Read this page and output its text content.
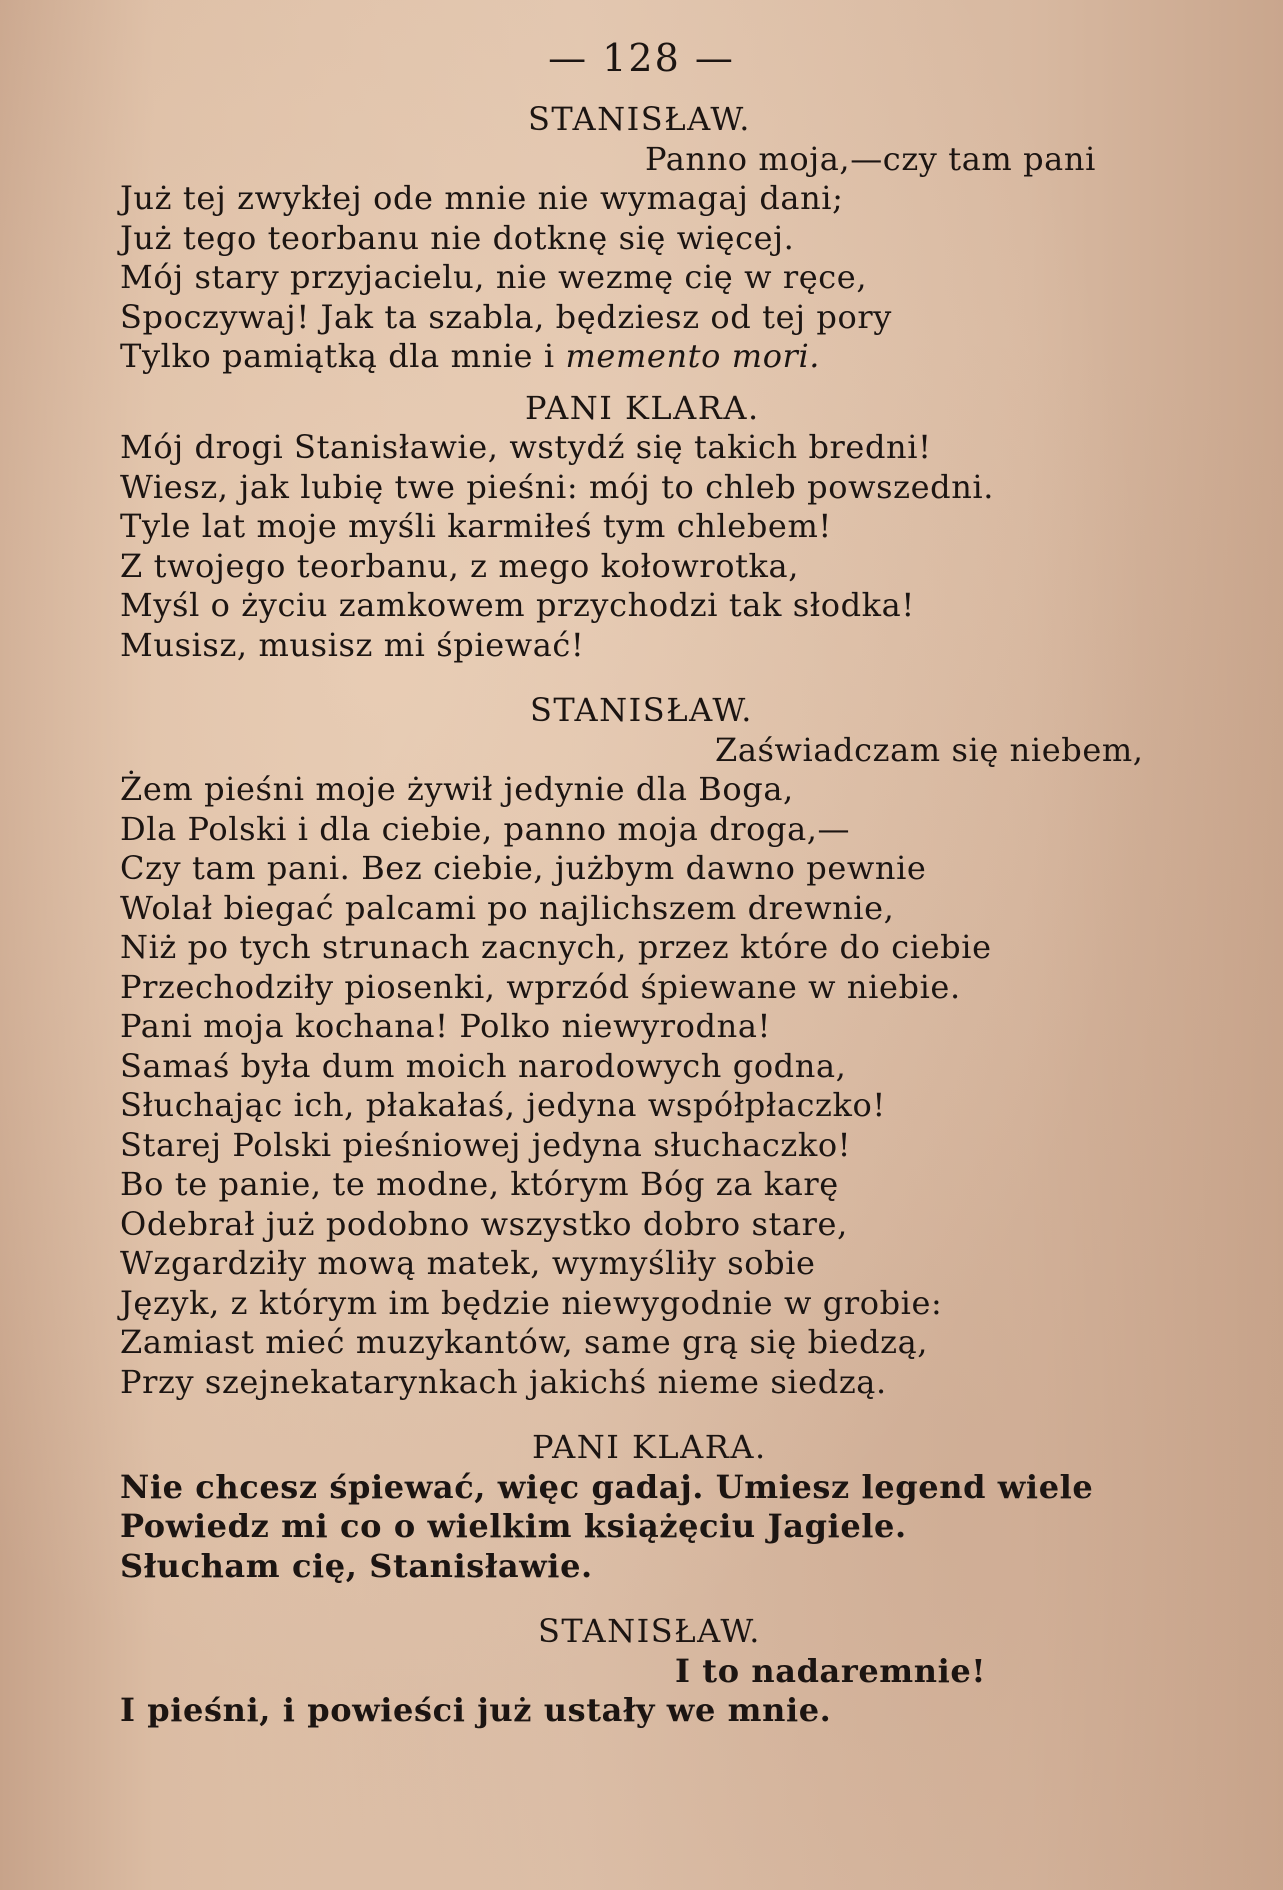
— 128 —

STANISŁAW.

Panno moja,—czy tam pani

Już tej zwykłej ode mnie nie wymagaj dani;

Już tego teorbanu nie dotknę się więcej.

Mój stary przyjacielu, nie wezmę cię w ręce,

Spoczywaj! Jak ta szabla, będziesz od tej pory

Tylko pamiątką dla mnie i memento mori.

PANI KLARA.

Mój drogi Stanisławie, wstydź się takich bredni!

Wiesz, jak lubię twe pieśni: mój to chleb powszedni.

Tyle lat moje myśli karmiłeś tym chlebem!

Z twojego teorbanu, z mego kołowrotka,

Myśl o życiu zamkowem przychodzi tak słodka!

Musisz, musisz mi śpiewać!

STANISŁAW.

Zaświadczam się niebem,

Żem pieśni moje żywił jedynie dla Boga,

Dla Polski i dla ciebie, panno moja droga,—

Czy tam pani. Bez ciebie, jużbym dawno pewnie

Wolał biegać palcami po najlichszem drewnie,

Niż po tych strunach zacnych, przez które do ciebie

Przechodziły piosenki, wprzód śpiewane w niebie.

Pani moja kochana! Polko niewyrodna!

Samaś była dum moich narodowych godna,

Słuchając ich, płakałaś, jedyna współpłaczko!

Starej Polski pieśniowej jedyna słuchaczko!

Bo te panie, te modne, którym Bóg za karę

Odebrał już podobno wszystko dobro stare,

Wzgardziły mową matek, wymyśliły sobie

Język, z którym im będzie niewygodnie w grobie:

Zamiast mieć muzykantów, same grą się biedzą,

Przy szejnekatarynkach jakichś nieme siedzą.

PANI KLARA.

Nie chcesz śpiewać, więc gadaj. Umiesz legend wiele

Powiedz mi co o wielkim książęciu Jagiele.

Słucham cię, Stanisławie.

STANISŁAW.

I to nadaremnie!

I pieśni, i powieści już ustały we mnie.
